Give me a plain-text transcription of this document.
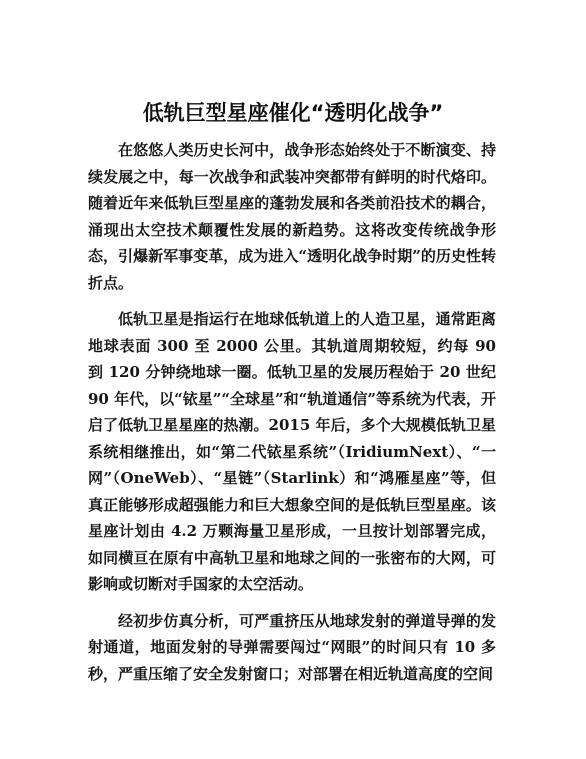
低轨巨型星座催化“透明化战争”

在悠悠人类历史长河中，战争形态始终处于不断演变、持续发展之中，每一次战争和武装冲突都带有鲜明的时代烙印。随着近年来低轨巨型星座的蓬勃发展和各类前沿技术的耦合，涌现出太空技术颠覆性发展的新趋势。这将改变传统战争形态，引爆新军事变革，成为进入“透明化战争时期”的历史性转折点。

低轨卫星是指运行在地球低轨道上的人造卫星，通常距离地球表面 300 至 2000 公里。其轨道周期较短，约每 90 到 120 分钟绕地球一圈。低轨卫星的发展历程始于 20 世纪 90 年代，以“铱星”“全球星”和“轨道通信”等系统为代表，开启了低轨卫星星座的热潮。2015 年后，多个大规模低轨卫星系统相继推出，如“第二代铱星系统”（IridiumNext）、“一网”（OneWeb）、“星链”（Starlink）和“鸿雁星座”等，但真正能够形成超强能力和巨大想象空间的是低轨巨型星座。该星座计划由 4.2 万颗海量卫星形成，一旦按计划部署完成，如同横亘在原有中高轨卫星和地球之间的一张密布的大网，可影响或切断对手国家的太空活动。

经初步仿真分析，可严重挤压从地球发射的弹道导弹的发射通道，地面发射的导弹需要闯过“网眼”的时间只有 10 多秒，严重压缩了安全发射窗口；对部署在相近轨道高度的空间
